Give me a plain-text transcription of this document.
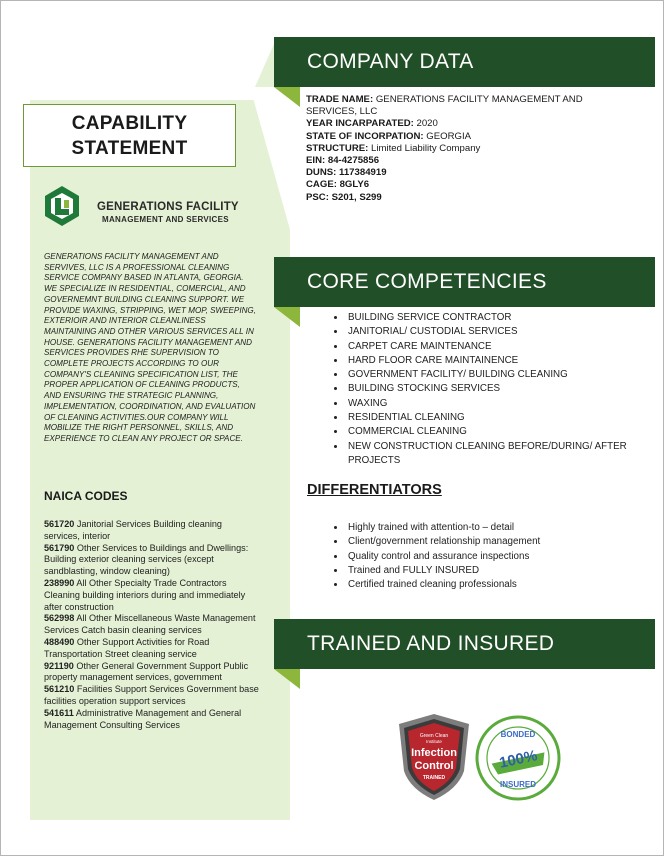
COMPANY DATA
CORE COMPETENCIES
TRAINED AND INSURED
CAPABILITY
STATEMENT
GENERATIONS FACILITY
MANAGEMENT AND SERVICES

GENERATIONS FACILITY MANAGEMENT AND SERVIVES, LLC IS A PROFESSIONAL CLEANING SERVICE COMPANY BASED IN ATLANTA, GEORGIA. WE SPECIALIZE IN RESIDENTIAL, COMERCIAL, AND GOVERNEMNT BUILDING CLEANING SUPPORT. WE PROVIDE WAXING, STRIPPING, WET MOP, SWEEPING, EXTERIOIR AND INTERIOR CLEANLINESS MAINTAINING AND OTHER VARIOUS SERVICES ALL IN HOUSE. GENERATIONS FACILITY MANAGEMENT AND SERVICES PROVIDES RHE SUPERVISION TO COMPLETE PROJECTS ACCORDING TO OUR COMPANY'S CLEANING SPECIFICATION LIST, THE PROPER APPLICATION OF CLEANING PRODUCTS, AND ENSURING THE STRATEGIC PLANNING, IMPLEMENTATION, COORDINATION, AND EVALUATION OF CLEANING ACTIVITIES.OUR COMPANY WILL MOBILIZE THE RIGHT PERSONNEL, SKILLS, AND EXPERIENCE TO CLEAN ANY PROJECT OR SPACE.

NAICA CODES
561720 Janitorial Services Building cleaning services, interior
561790 Other Services to Buildings and Dwellings: Building exterior cleaning services (except sandblasting, window cleaning)
238990 All Other Specialty Trade Contractors Cleaning building interiors during and immediately after construction
562998 All Other Miscellaneous Waste Management Services Catch basin cleaning services
488490 Other Support Activities for Road Transportation Street cleaning service
921190 Other General Government Support Public property management services, government
561210 Facilities Support Services Government base facilities operation support services
541611 Administrative Management and General Management Consulting Services
TRADE NAME: GENERATIONS FACILITY MANAGEMENT AND SERVICES, LLC
YEAR INCARPARATED: 2020
STATE OF INCORPATION: GEORGIA
STRUCTURE: Limited Liability Company
EIN: 84-4275856
DUNS: 117384919
CAGE: 8GLY6
PSC: S201, S299
• BUILDING SERVICE CONTRACTOR
• JANITORIAL/ CUSTODIAL SERVICES
• CARPET CARE MAINTENANCE
• HARD FLOOR CARE MAINTAINENCE
• GOVERNMENT FACILITY/ BUILDING CLEANING
• BUILDING STOCKING SERVICES
• WAXING
• RESIDENTIAL CLEANING
• COMMERCIAL CLEANING
• NEW CONSTRUCTION CLEANING BEFORE/DURING/ AFTER PROJECTS
DIFFERENTIATORS
• Highly trained with attention-to – detail
• Client/government relationship management
• Quality control and assurance inspections
• Trained and FULLY INSURED
• Certified trained cleaning professionals
Green Clean
Institute
Infection
Control
TRAINED
BONDED
100%
INSURED
